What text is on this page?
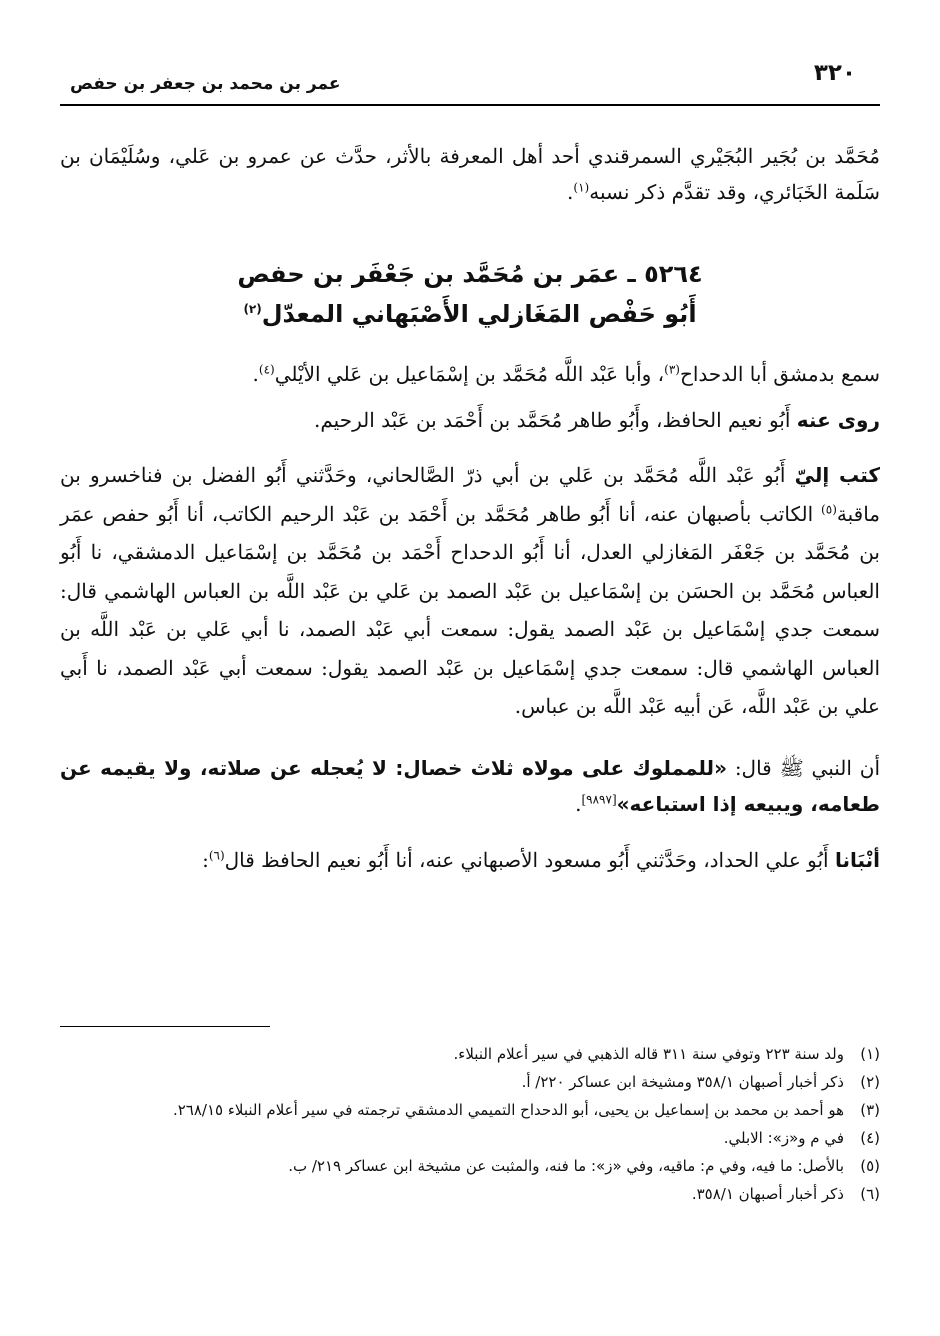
٣٢٠
عمر بن محمد بن جعفر بن حفص

مُحَمَّد بن بُجَير البُجَيْري السمرقندي أحد أهل المعرفة بالأثر، حدَّث عن عمرو بن عَلي، وسُلَيْمَان بن سَلَمة الخَبَائري، وقد تقدَّم ذكر نسبه$^{(١)}$.

٥٢٦٤ ـ عمَر بن مُحَمَّد بن جَعْفَر بن حفص
أَبُو حَفْص المَغَازلي الأَصْبَهاني المعدّل$^{(٢)}$

سمع بدمشق أبا الدحداح$^{(٣)}$، وأبا عَبْد اللَّه مُحَمَّد بن إسْمَاعيل بن عَلي الأيْلي$^{(٤)}$.

روى عنه أَبُو نعيم الحافظ، وأَبُو طاهر مُحَمَّد بن أَحْمَد بن عَبْد الرحيم.

كتب إليّ أَبُو عَبْد اللَّه مُحَمَّد بن عَلي بن أبي ذرّ الصَّالحاني، وحَدَّثني أَبُو الفضل بن فناخسرو بن ماقبة$^{(٥)}$ الكاتب بأصبهان عنه، أنا أَبُو طاهر مُحَمَّد بن أَحْمَد بن عَبْد الرحيم الكاتب، أنا أَبُو حفص عمَر بن مُحَمَّد بن جَعْفَر المَغازلي العدل، أنا أَبُو الدحداح أَحْمَد بن مُحَمَّد بن إسْمَاعيل الدمشقي، نا أَبُو العباس مُحَمَّد بن الحسَن بن إسْمَاعيل بن عَبْد الصمد بن عَلي بن عَبْد اللَّه بن العباس الهاشمي قال: سمعت جدي إسْمَاعيل بن عَبْد الصمد يقول: سمعت أبي عَبْد الصمد، نا أبي عَلي بن عَبْد اللَّه بن العباس الهاشمي قال: سمعت جدي إسْمَاعيل بن عَبْد الصمد يقول: سمعت أبي عَبْد الصمد، نا أَبي علي بن عَبْد اللَّه، عَن أبيه عَبْد اللَّه بن عباس.

أن النبي ﷺ قال: «للمملوك على مولاه ثلاث خصال: لا يُعجله عن صلاته، ولا يقيمه عن طعامه، ويبيعه إذا استباعه»[٩٨٩٧].

أنْبَانا أَبُو علي الحداد، وحَدَّثني أَبُو مسعود الأصبهاني عنه، أنا أَبُو نعيم الحافظ قال$^{(٦)}$:

(١)
ولد سنة ٢٢٣ وتوفي سنة ٣١١ قاله الذهبي في سير أعلام النبلاء.
(٢)
ذكر أخبار أصبهان ٣٥٨/١ ومشيخة ابن عساكر ٢٢٠/ أ.
(٣)
هو أحمد بن محمد بن إسماعيل بن يحيى، أبو الدحداح التميمي الدمشقي ترجمته في سير أعلام النبلاء ٢٦٨/١٥.
(٤)
في م و«ز»: الابلي.
(٥)
بالأصل: ما فيه، وفي م: ماقيه، وفي «ز»: ما فنه، والمثبت عن مشيخة ابن عساكر ٢١٩/ ب.
(٦)
ذكر أخبار أصبهان ٣٥٨/١.
